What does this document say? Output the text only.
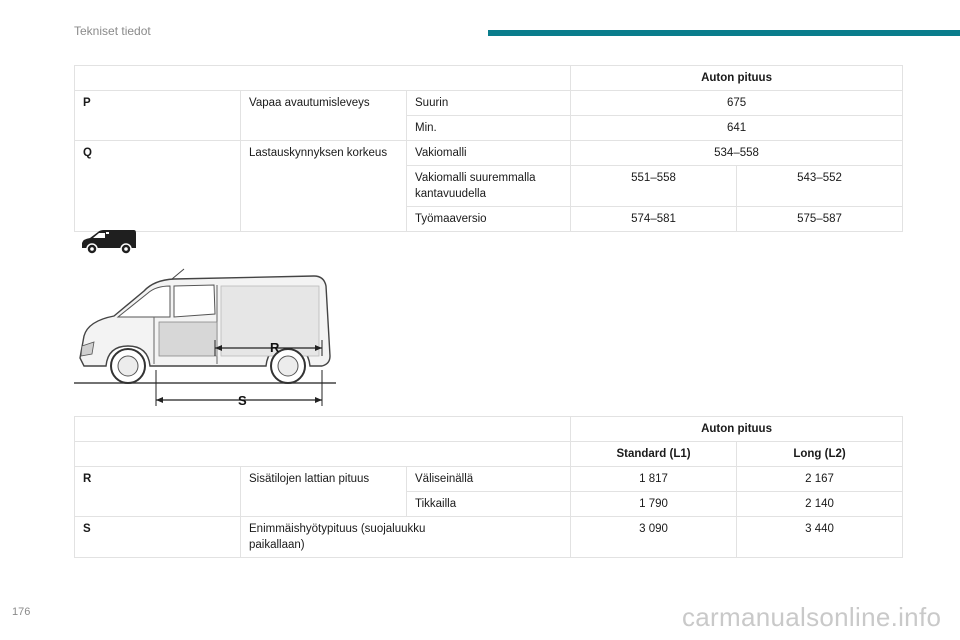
Tekniset tiedot
			Auton pituus	
P	Vapaa avautumisleveys	Suurin	675	
		Min.	641	
Q	Lastauskynnyksen korkeus	Vakiomalli	534–558	
		Vakiomalli suuremmalla kantavuudella	551–558	543–552
		Työmaaversio	574–581	575–587
R
S
			Auton pituus	
			Standard (L1)	Long (L2)
R	Sisätilojen lattian pituus	Väliseinällä	1 817	2 167
		Tikkailla	1 790	2 140
S	Enimmäishyötypituus (suojaluukku paikallaan)		3 090	3 440
176	carmanualsonline.info
